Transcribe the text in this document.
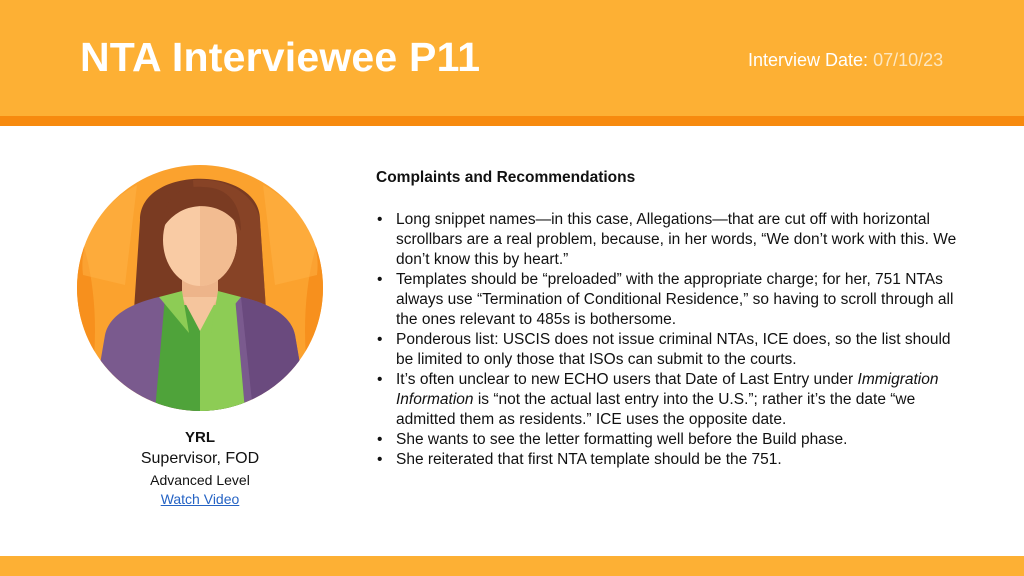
NTA Interviewee P11	Interview Date: 07/10/23
YRL
Supervisor, FOD
Advanced Level
Watch Video
Complaints and Recommendations
• Long snippet names—in this case, Allegations—that are cut off with horizontal scrollbars are a real problem, because, in her words, “We don’t work with this. We don’t know this by heart.”
• Templates should be “preloaded” with the appropriate charge; for her, 751 NTAs always use “Termination of Conditional Residence,” so having to scroll through all the ones relevant to 485s is bothersome.
• Ponderous list: USCIS does not issue criminal NTAs, ICE does, so the list should be limited to only those that ISOs can submit to the courts.
• It’s often unclear to new ECHO users that Date of Last Entry under Immigration Information is “not the actual last entry into the U.S.”; rather it’s the date “we admitted them as residents.” ICE uses the opposite date.
• She wants to see the letter formatting well before the Build phase.
• She reiterated that first NTA template should be the 751.
